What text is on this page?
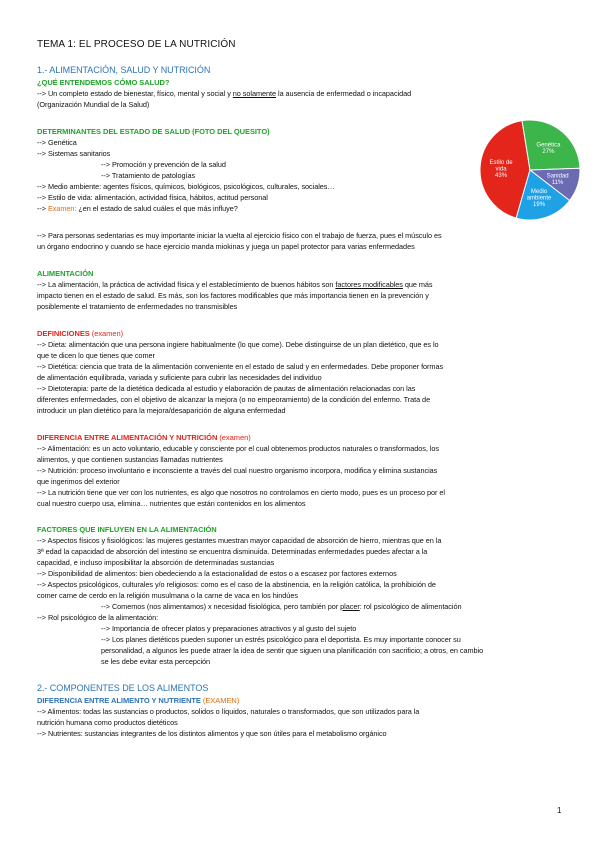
TEMA 1: EL PROCESO DE LA NUTRICIÓN
1.- ALIMENTACIÓN, SALUD Y NUTRICIÓN
¿QUÉ ENTENDEMOS CÓMO SALUD?
--> Un completo estado de bienestar, físico, mental y social y no solamente la ausencia de enfermedad o incapacidad
(Organización Mundial de la Salud)
DETERMINANTES DEL ESTADO DE SALUD (FOTO DEL QUESITO)
--> Genética
--> Sistemas sanitarios
--> Promoción y prevención de la salud
--> Tratamiento de patologías
--> Medio ambiente: agentes físicos, químicos, biológicos, psicológicos, culturales, sociales…
--> Estilo de vida: alimentación, actividad física, hábitos, actitud personal
--> Examen: ¿en el estado de salud cuáles el que más influye?
--> Para personas sedentarias es muy importante iniciar la vuelta al ejercicio físico con el trabajo de fuerza, pues el músculo es
un órgano endocrino y cuando se hace ejercicio manda miokinas y juega un papel protector para varias enfermedades
ALIMENTACIÓN
--> La alimentación, la práctica de actividad física y el establecimiento de buenos hábitos son factores modificables que más
impacto tienen en el estado de salud. Es más, son los factores modificables que más importancia tienen en la prevención y
posiblemente el tratamiento de enfermedades no transmisibles
Estilo de vida 43%
Genética 27%
Sanidad 11%
Medio ambiente 19%
DEFINICIONES (examen)
--> Dieta: alimentación que una persona ingiere habitualmente (lo que come). Debe distinguirse de un plan dietético, que es lo
que te dicen lo que tienes que comer
--> Dietética: ciencia que trata de la alimentación conveniente en el estado de salud y en enfermedades. Debe proponer formas
de alimentación equilibrada, variada y suficiente para cubrir las necesidades del individuo
--> Dietoterapia: parte de la dietética dedicada al estudio y elaboración de pautas de alimentación relacionadas con las
diferentes enfermedades, con el objetivo de alcanzar la mejora (o no empeoramiento) de la condición del enfermo. Trata de
introducir un plan dietético para la mejora/desaparición de alguna enfermedad
DIFERENCIA ENTRE ALIMENTACIÓN Y NUTRICIÓN (examen)
--> Alimentación: es un acto voluntario, educable y consciente por el cual obtenemos productos naturales o transformados, los
alimentos, y que contienen sustancias llamadas nutrientes
--> Nutrición: proceso involuntario e inconsciente a través del cual nuestro organismo incorpora, modifica y elimina sustancias
que ingerimos del exterior
--> La nutrición tiene que ver con los nutrientes, es algo que nosotros no controlamos en cierto modo, pues es un proceso por el
cual nuestro cuerpo usa, elimina… nutrientes que están contenidos en los alimentos
FACTORES QUE INFLUYEN EN LA ALIMENTACIÓN
--> Aspectos físicos y fisiológicos: las mujeres gestantes muestran mayor capacidad de absorción de hierro, mientras que en la
3ª edad la capacidad de absorción del intestino se encuentra disminuida. Determinadas enfermedades puedes afectar a la
capacidad, e incluso imposibilitar la absorción de determinadas sustancias
--> Disponibilidad de alimentos: bien obedeciendo a la estacionalidad de estos o a escasez por factores externos
--> Aspectos psicológicos, culturales y/o religiosos: como es el caso de la abstinencia, en la religión católica, la prohibición de
comer carne de cerdo en la religión musulmana o la carne de vaca en los hindúes
--> Comemos (nos alimentamos) x necesidad fisiológica, pero también por placer: rol psicológico de alimentación
--> Rol psicológico de la alimentación:
--> Importancia de ofrecer platos y preparaciones atractivos y al gusto del sujeto
--> Los planes dietéticos pueden suponer un estrés psicológico para el deportista. Es muy importante conocer su
personalidad, a algunos les puede atraer la idea de sentir que siguen una planificación con sacrificio; a otros, en cambio
se les debe evitar esta percepción
2.- COMPONENTES DE LOS ALIMENTOS
DIFERENCIA ENTRE ALIMENTO Y NUTRIENTE (EXAMEN)
--> Alimentos: todas las sustancias o productos, solidos o líquidos, naturales o transformados, que son utilizados para la
nutrición humana como productos dietéticos
--> Nutrientes: sustancias integrantes de los distintos alimentos y que son útiles para el metabolismo orgánico
1
